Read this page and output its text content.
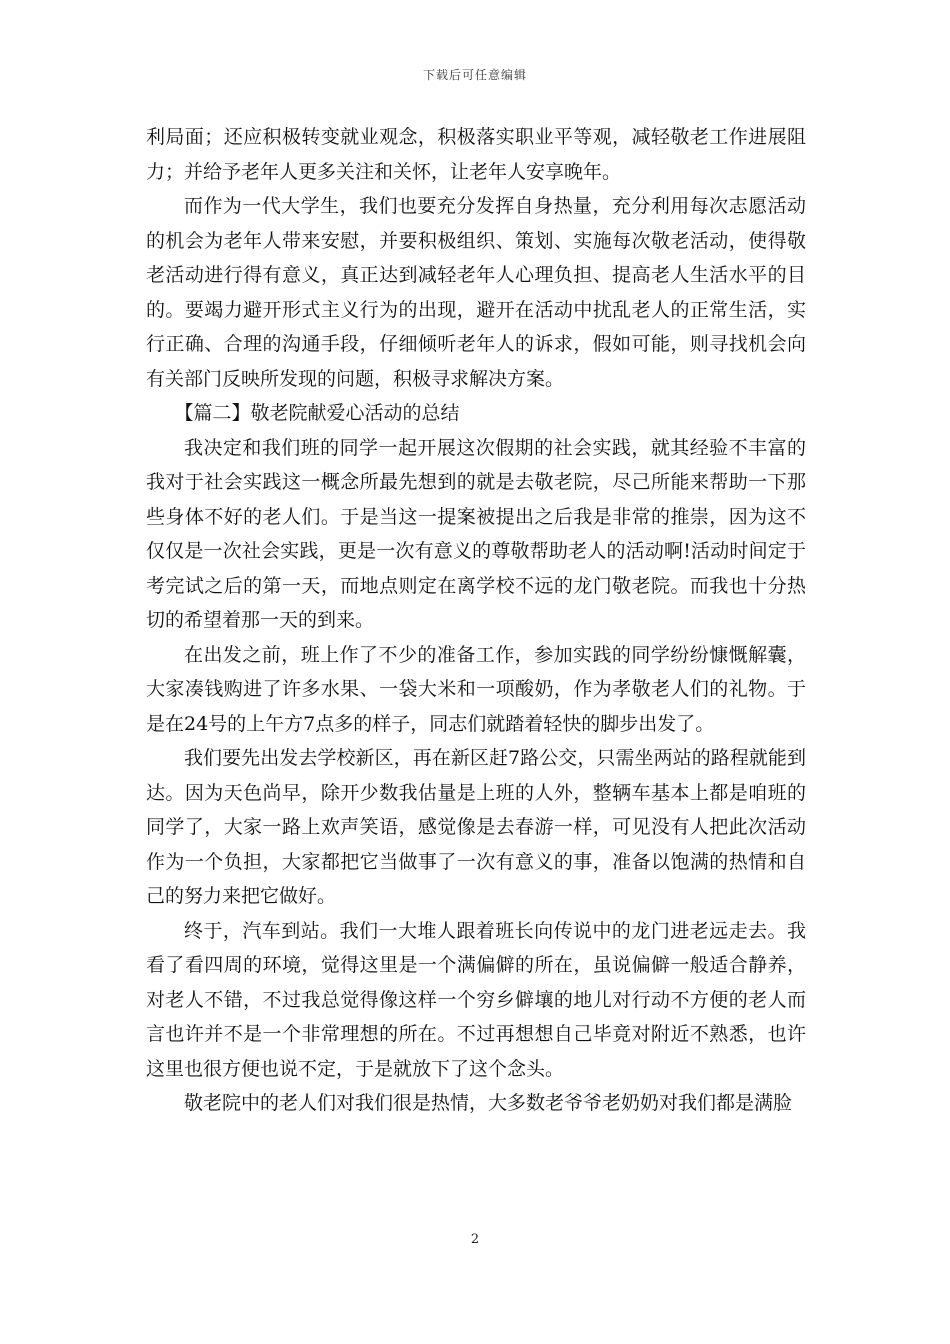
下载后可任意编辑

利局面；还应积极转变就业观念，积极落实职业平等观，减轻敬老工作进展阻力；并给予老年人更多关注和关怀，让老年人安享晚年。

而作为一代大学生，我们也要充分发挥自身热量，充分利用每次志愿活动的机会为老年人带来安慰，并要积极组织、策划、实施每次敬老活动，使得敬老活动进行得有意义，真正达到减轻老年人心理负担、提高老人生活水平的目的。要竭力避开形式主义行为的出现，避开在活动中扰乱老人的正常生活，实行正确、合理的沟通手段，仔细倾听老年人的诉求，假如可能，则寻找机会向有关部门反映所发现的问题，积极寻求解决方案。

【篇二】敬老院献爱心活动的总结

我决定和我们班的同学一起开展这次假期的社会实践，就其经验不丰富的我对于社会实践这一概念所最先想到的就是去敬老院，尽己所能来帮助一下那些身体不好的老人们。于是当这一提案被提出之后我是非常的推崇，因为这不仅仅是一次社会实践，更是一次有意义的尊敬帮助老人的活动啊!活动时间定于考完试之后的第一天，而地点则定在离学校不远的龙门敬老院。而我也十分热切的希望着那一天的到来。

在出发之前，班上作了不少的准备工作，参加实践的同学纷纷慷慨解囊，大家凑钱购进了许多水果、一袋大米和一项酸奶，作为孝敬老人们的礼物。于是在24号的上午方7点多的样子，同志们就踏着轻快的脚步出发了。

我们要先出发去学校新区，再在新区赶7路公交，只需坐两站的路程就能到达。因为天色尚早，除开少数我估量是上班的人外，整辆车基本上都是咱班的同学了，大家一路上欢声笑语，感觉像是去春游一样，可见没有人把此次活动作为一个负担，大家都把它当做事了一次有意义的事，准备以饱满的热情和自己的努力来把它做好。

终于，汽车到站。我们一大堆人跟着班长向传说中的龙门进老远走去。我看了看四周的环境，觉得这里是一个满偏僻的所在，虽说偏僻一般适合静养，对老人不错，不过我总觉得像这样一个穷乡僻壤的地儿对行动不方便的老人而言也许并不是一个非常理想的所在。不过再想想自己毕竟对附近不熟悉，也许这里也很方便也说不定，于是就放下了这个念头。

敬老院中的老人们对我们很是热情，大多数老爷爷老奶奶对我们都是满脸

2
